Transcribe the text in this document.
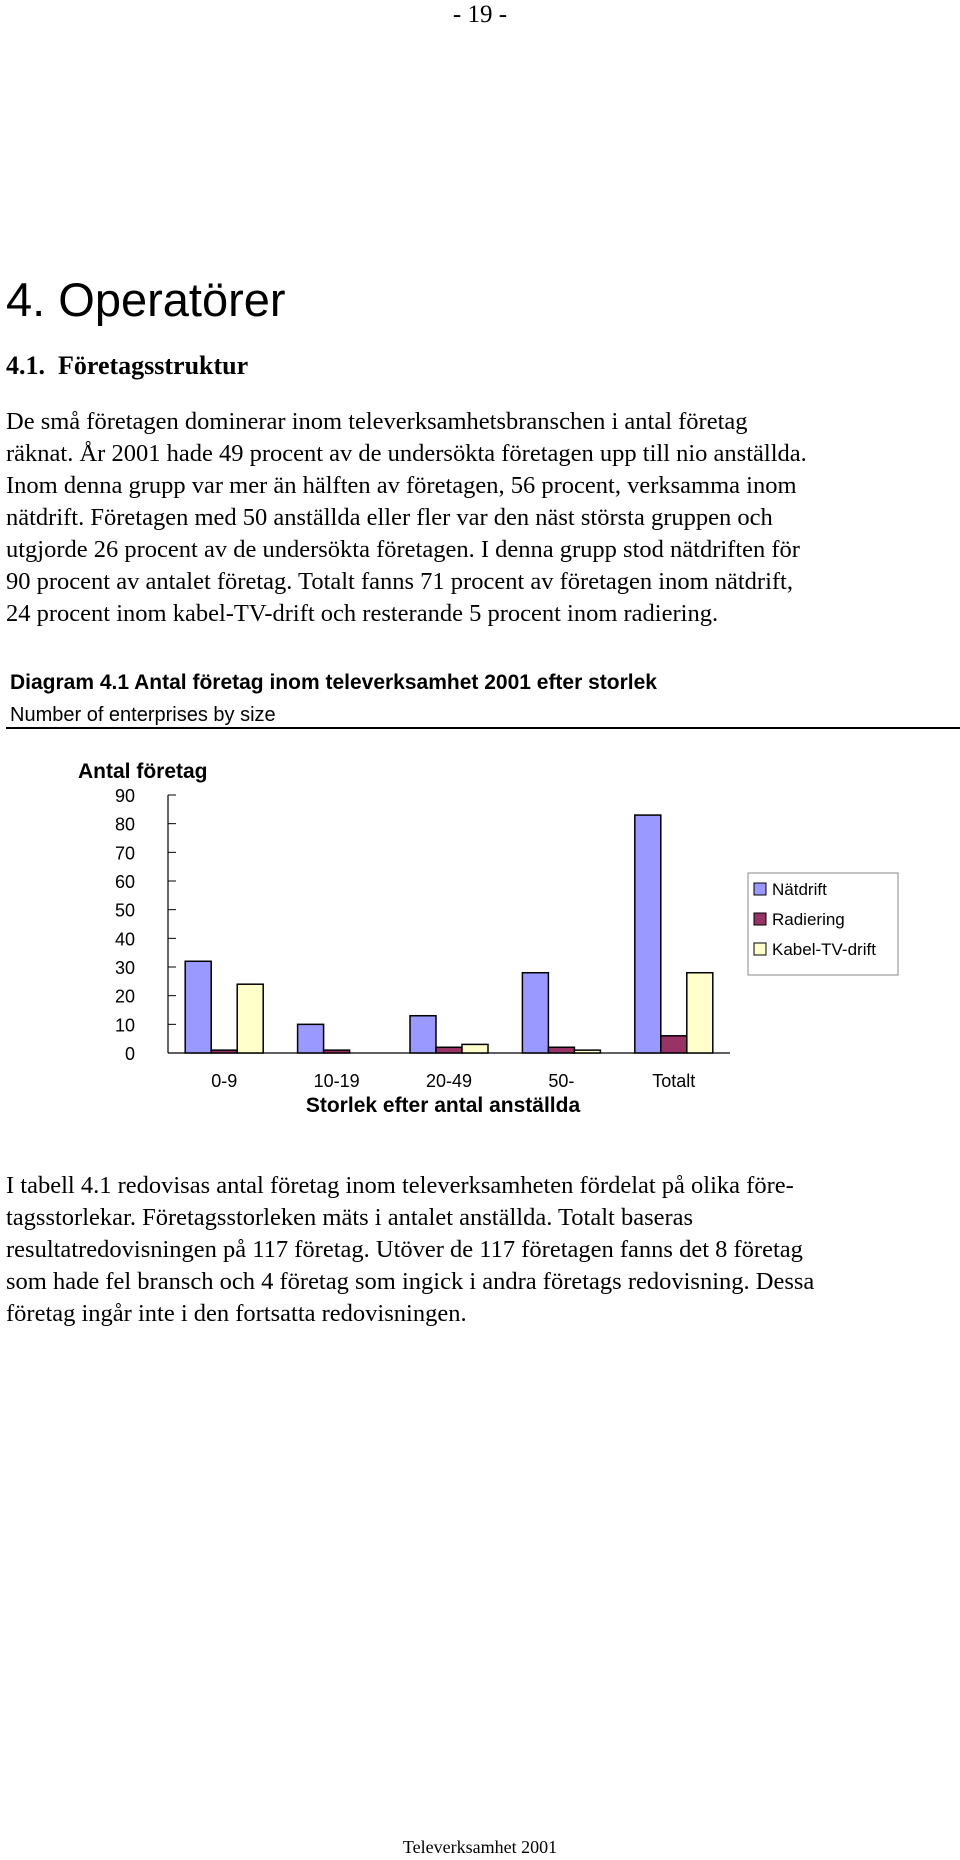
- 19 -
4. Operatörer
4.1. Företagsstruktur
De små företagen dominerar inom televerksamhetsbranschen i antal företag
räknat. År 2001 hade 49 procent av de undersökta företagen upp till nio anställda.
Inom denna grupp var mer än hälften av företagen, 56 procent, verksamma inom
nätdrift. Företagen med 50 anställda eller fler var den näst största gruppen och
utgjorde 26 procent av de undersökta företagen. I denna grupp stod nätdriften för
90 procent av antalet företag. Totalt fanns 71 procent av företagen inom nätdrift,
24 procent inom kabel-TV-drift och resterande 5 procent inom radiering.
Diagram 4.1 Antal företag inom televerksamhet 2001 efter storlek
Number of enterprises by size
Antal företag
Storlek efter antal anställda
0
10
20
30
40
50
60
70
80
90
0-9	10-19	20-49	50-	Totalt
Nätdrift
Radiering
Kabel-TV-drift
I tabell 4.1 redovisas antal företag inom televerksamheten fördelat på olika före-
tagsstorlekar. Företagsstorleken mäts i antalet anställda. Totalt baseras
resultatredovisningen på 117 företag. Utöver de 117 företagen fanns det 8 företag
som hade fel bransch och 4 företag som ingick i andra företags redovisning. Dessa
företag ingår inte i den fortsatta redovisningen.
Televerksamhet 2001
